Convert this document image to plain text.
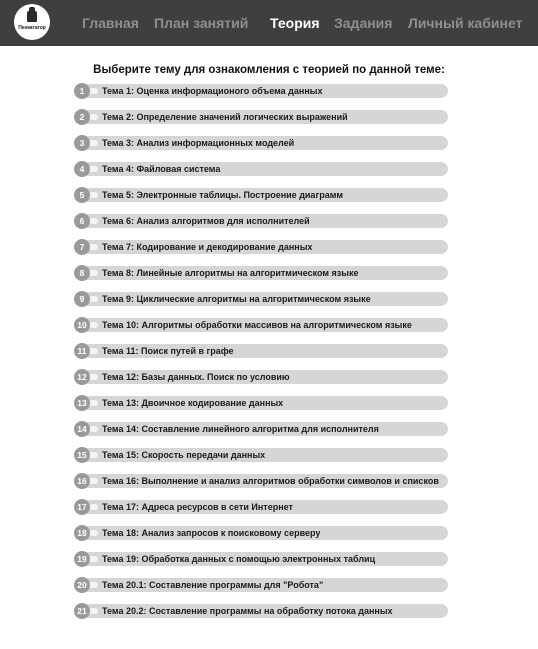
Пенкататор	Главная План занятий Теория Задания Личный кабинет
Выберите тему для ознакомления с теорией по данной теме:
1	Тема 1: Оценка информационого объема данных
2	Тема 2: Определение значений логических выражений
3	Тема 3: Анализ информационных моделей
4	Тема 4: Файловая система
5	Тема 5: Электронные таблицы. Построение диаграмм
6	Тема 6: Анализ алгоритмов для исполнителей
7	Тема 7: Кодирование и декодирование данных
8	Тема 8: Линейные алгоритмы на алгоритмическом языке
9	Тема 9: Циклические алгоритмы на алгоритмическом языке
10	Тема 10: Алгоритмы обработки массивов на алгоритмическом языке
11	Тема 11: Поиск путей в графе
12	Тема 12: Базы данных. Поиск по условию
13	Тема 13: Двоичное кодирование данных
14	Тема 14: Составление линейного алгоритма для исполнителя
15	Тема 15: Скорость передачи данных
16	Тема 16: Выполнение и анализ алгоритмов обработки символов и списков
17	Тема 17: Адреса ресурсов в сети Интернет
18	Тема 18: Анализ запросов к поисковому серверу
19	Тема 19: Обработка данных с помощью электронных таблиц
20	Тема 20.1: Составление программы для "Робота"
21	Тема 20.2: Составление программы на обработку потока данных
